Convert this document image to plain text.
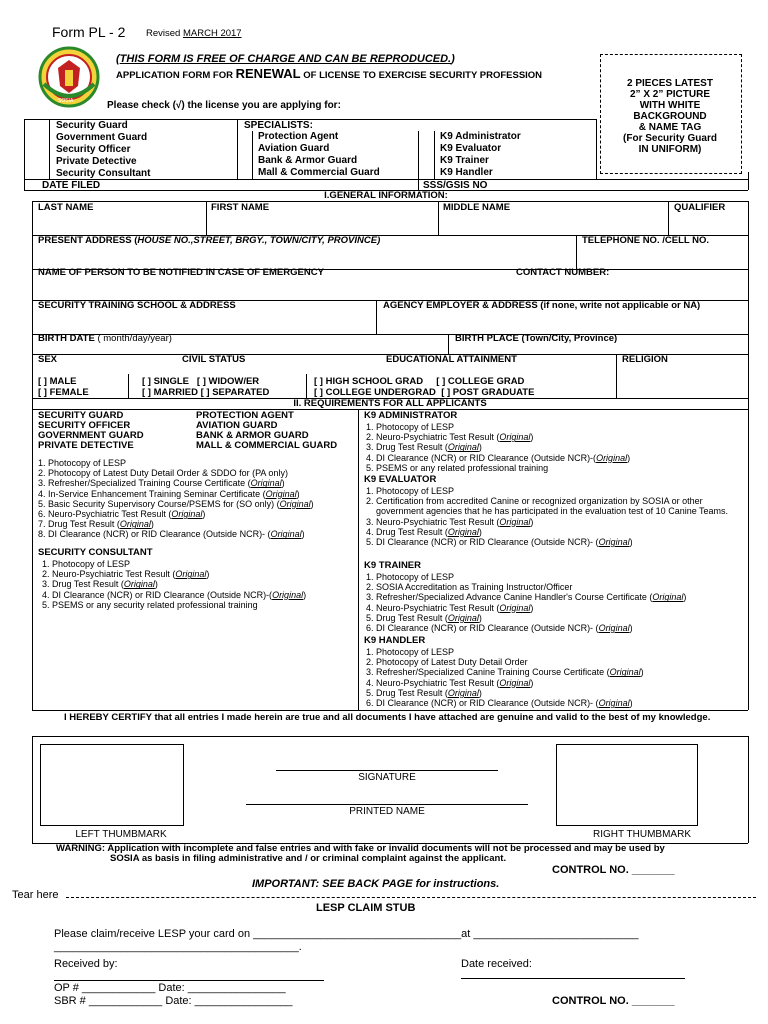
Form PL - 2 Revised MARCH 2017
SOSIA
(THIS FORM IS FREE OF CHARGE AND CAN BE REPRODUCED.)
APPLICATION FORM FOR RENEWAL OF LICENSE TO EXERCISE SECURITY PROFESSION
Please check (√) the license you are applying for:
2 PIECES LATEST
2” X 2” PICTURE
WITH WHITE
BACKGROUND
& NAME TAG
(For Security Guard
IN UNIFORM)
Security Guard
Government Guard
Security Officer
Private Detective
Security Consultant
SPECIALISTS:
Protection Agent
Aviation Guard
Bank & Armor Guard
Mall & Commercial Guard
K9 Administrator
K9 Evaluator
K9 Trainer
K9 Handler
DATE FILED	SSS/GSIS NO
I.GENERAL INFORMATION:
LAST NAME	FIRST NAME	MIDDLE NAME	QUALIFIER
PRESENT ADDRESS (HOUSE NO.,STREET, BRGY., TOWN/CITY, PROVINCE)	TELEPHONE NO. /CELL NO.
NAME OF PERSON TO BE NOTIFIED IN CASE OF EMERGENCY	CONTACT NUMBER:
SECURITY TRAINING SCHOOL & ADDRESS	AGENCY EMPLOYER & ADDRESS (if none, write not applicable or NA)
BIRTH DATE ( month/day/year)	BIRTH PLACE (Town/City, Province)
SEX	CIVIL STATUS	EDUCATIONAL ATTAINMENT	RELIGION
[ ] MALE
[ ] FEMALE
[ ] SINGLE [ ] WIDOW/ER
[ ] MARRIED [ ] SEPARATED
[ ] HIGH SCHOOL GRAD [ ] COLLEGE GRAD
[ ] COLLEGE UNDERGRAD [ ] POST GRADUATE
II. REQUIREMENTS FOR ALL APPLICANTS
SECURITY GUARD
SECURITY OFFICER
GOVERNMENT GUARD
PRIVATE DETECTIVE
PROTECTION AGENT
AVIATION GUARD
BANK & ARMOR GUARD
MALL & COMMERCIAL GUARD
1. Photocopy of LESP
2. Photocopy of Latest Duty Detail Order & SDDO for (PA only)
3. Refresher/Specialized Training Course Certificate (Original)
4. In-Service Enhancement Training Seminar Certificate (Original)
5. Basic Security Supervisory Course/PSEMS for (SO only) (Original)
6. Neuro-Psychiatric Test Result (Original)
7. Drug Test Result (Original)
8. DI Clearance (NCR) or RID Clearance (Outside NCR)- (Original)
SECURITY CONSULTANT
1. Photocopy of LESP
2. Neuro-Psychiatric Test Result (Original)
3. Drug Test Result (Original)
4. DI Clearance (NCR) or RID Clearance (Outside NCR)-(Original)
5. PSEMS or any security related professional training
K9 ADMINISTRATOR
1. Photocopy of LESP
2. Neuro-Psychiatric Test Result (Original)
3. Drug Test Result (Original)
4. DI Clearance (NCR) or RID Clearance (Outside NCR)-(Original)
5. PSEMS or any related professional training
K9 EVALUATOR
1. Photocopy of LESP
2. Certification from accredited Canine or recognized organization by SOSIA or other government agencies that he has participated in the evaluation test of 10 Canine Teams.
3. Neuro-Psychiatric Test Result (Original)
4. Drug Test Result (Original)
5. DI Clearance (NCR) or RID Clearance (Outside NCR)- (Original)
K9 TRAINER
1. Photocopy of LESP
2. SOSIA Accreditation as Training Instructor/Officer
3. Refresher/Specialized Advance Canine Handler's Course Certificate (Original)
4. Neuro-Psychiatric Test Result (Original)
5. Drug Test Result (Original)
6. DI Clearance (NCR) or RID Clearance (Outside NCR)- (Original)
K9 HANDLER
1. Photocopy of LESP
2. Photocopy of Latest Duty Detail Order
3. Refresher/Specialized Canine Training Course Certificate (Original)
4. Neuro-Psychiatric Test Result (Original)
5. Drug Test Result (Original)
6. DI Clearance (NCR) or RID Clearance (Outside NCR)- (Original)
I HEREBY CERTIFY that all entries I made herein are true and all documents I have attached are genuine and valid to the best of my knowledge.
SIGNATURE
PRINTED NAME
LEFT THUMBMARK	RIGHT THUMBMARK
WARNING: Application with incomplete and false entries and with fake or invalid documents will not be processed and may be used by
SOSIA as basis in filing administrative and / or criminal complaint against the applicant.
CONTROL NO. _______
IMPORTANT: SEE BACK PAGE for instructions.
Tear here
LESP CLAIM STUB
Please claim/receive LESP your card on __________________________________at ___________________________
________________________________________.
Received by:	Date received:
OP # ____________ Date: ________________
SBR # ____________ Date: ________________	CONTROL NO. _______
